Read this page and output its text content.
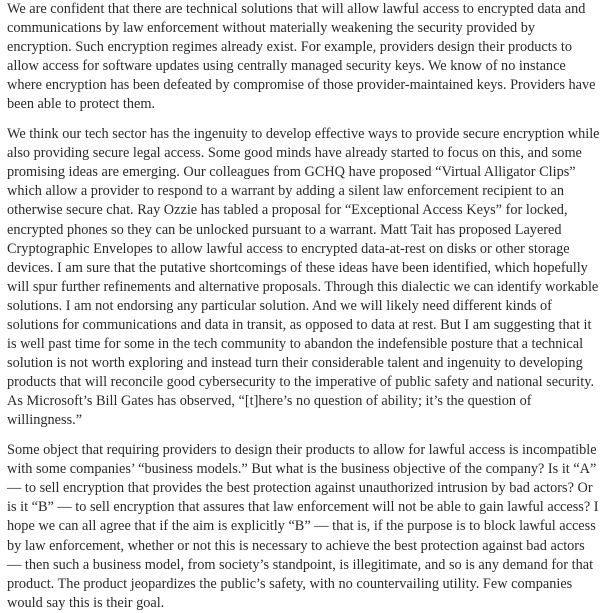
We are confident that there are technical solutions that will allow lawful access to encrypted data and communications by law enforcement without materially weakening the security provided by encryption. Such encryption regimes already exist. For example, providers design their products to allow access for software updates using centrally managed security keys. We know of no instance where encryption has been defeated by compromise of those provider-maintained keys. Providers have been able to protect them.

We think our tech sector has the ingenuity to develop effective ways to provide secure encryption while also providing secure legal access. Some good minds have already started to focus on this, and some promising ideas are emerging. Our colleagues from GCHQ have proposed “Virtual Alligator Clips” which allow a provider to respond to a warrant by adding a silent law enforcement recipient to an otherwise secure chat. Ray Ozzie has tabled a proposal for “Exceptional Access Keys” for locked, encrypted phones so they can be unlocked pursuant to a warrant. Matt Tait has proposed Layered Cryptographic Envelopes to allow lawful access to encrypted data-at-rest on disks or other storage devices. I am sure that the putative shortcomings of these ideas have been identified, which hopefully will spur further refinements and alternative proposals. Through this dialectic we can identify workable solutions. I am not endorsing any particular solution. And we will likely need different kinds of solutions for communications and data in transit, as opposed to data at rest. But I am suggesting that it is well past time for some in the tech community to abandon the indefensible posture that a technical solution is not worth exploring and instead turn their considerable talent and ingenuity to developing products that will reconcile good cybersecurity to the imperative of public safety and national security. As Microsoft’s Bill Gates has observed, “[t]here’s no question of ability; it’s the question of willingness.”

Some object that requiring providers to design their products to allow for lawful access is incompatible with some companies’ “business models.” But what is the business objective of the company? Is it “A” — to sell encryption that provides the best protection against unauthorized intrusion by bad actors? Or is it “B” — to sell encryption that assures that law enforcement will not be able to gain lawful access? I hope we can all agree that if the aim is explicitly “B” — that is, if the purpose is to block lawful access by law enforcement, whether or not this is necessary to achieve the best protection against bad actors — then such a business model, from society’s standpoint, is illegitimate, and so is any demand for that product. The product jeopardizes the public’s safety, with no countervailing utility. Few companies would say this is their goal.
